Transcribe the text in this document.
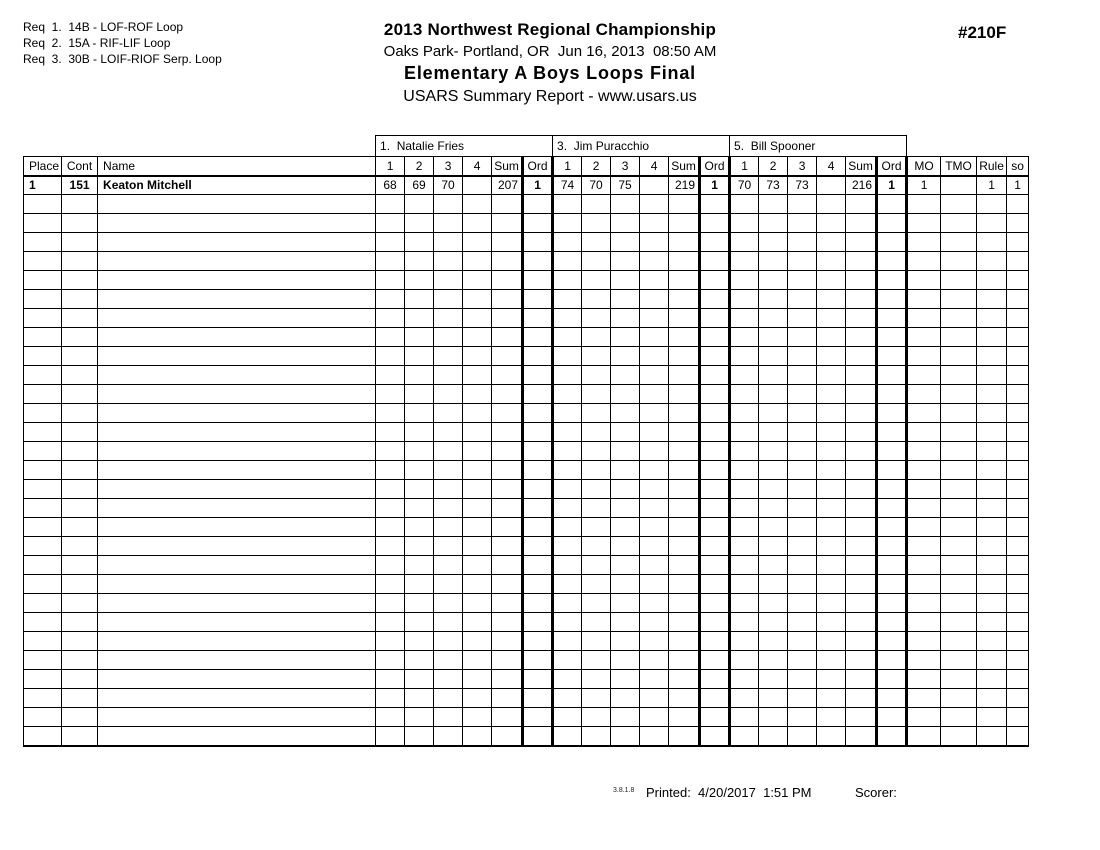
Req  1.  14B - LOF-ROF Loop
Req  2.  15A - RIF-LIF Loop
Req  3.  30B - LOIF-RIOF Serp. Loop
2013 Northwest Regional Championship
Oaks Park- Portland, OR  Jun 16, 2013  08:50 AM
Elementary A Boys Loops Final
USARS Summary Report - www.usars.us
#210F
			1.  Natalie Fries						3.  Jim Puracchio						5.  Bill Spooner									
Place	Cont	Name	1	2	3	4	Sum	Ord	1	2	3	4	Sum	Ord	1	2	3	4	Sum	Ord	MO	TMO	Rule	so
1	151	Keaton Mitchell	68	69	70		207	1	74	70	75		219	1	70	73	73		216	1	1		1	1

3.8.1.8 Printed:  4/20/2017  1:51 PM	Scorer:
